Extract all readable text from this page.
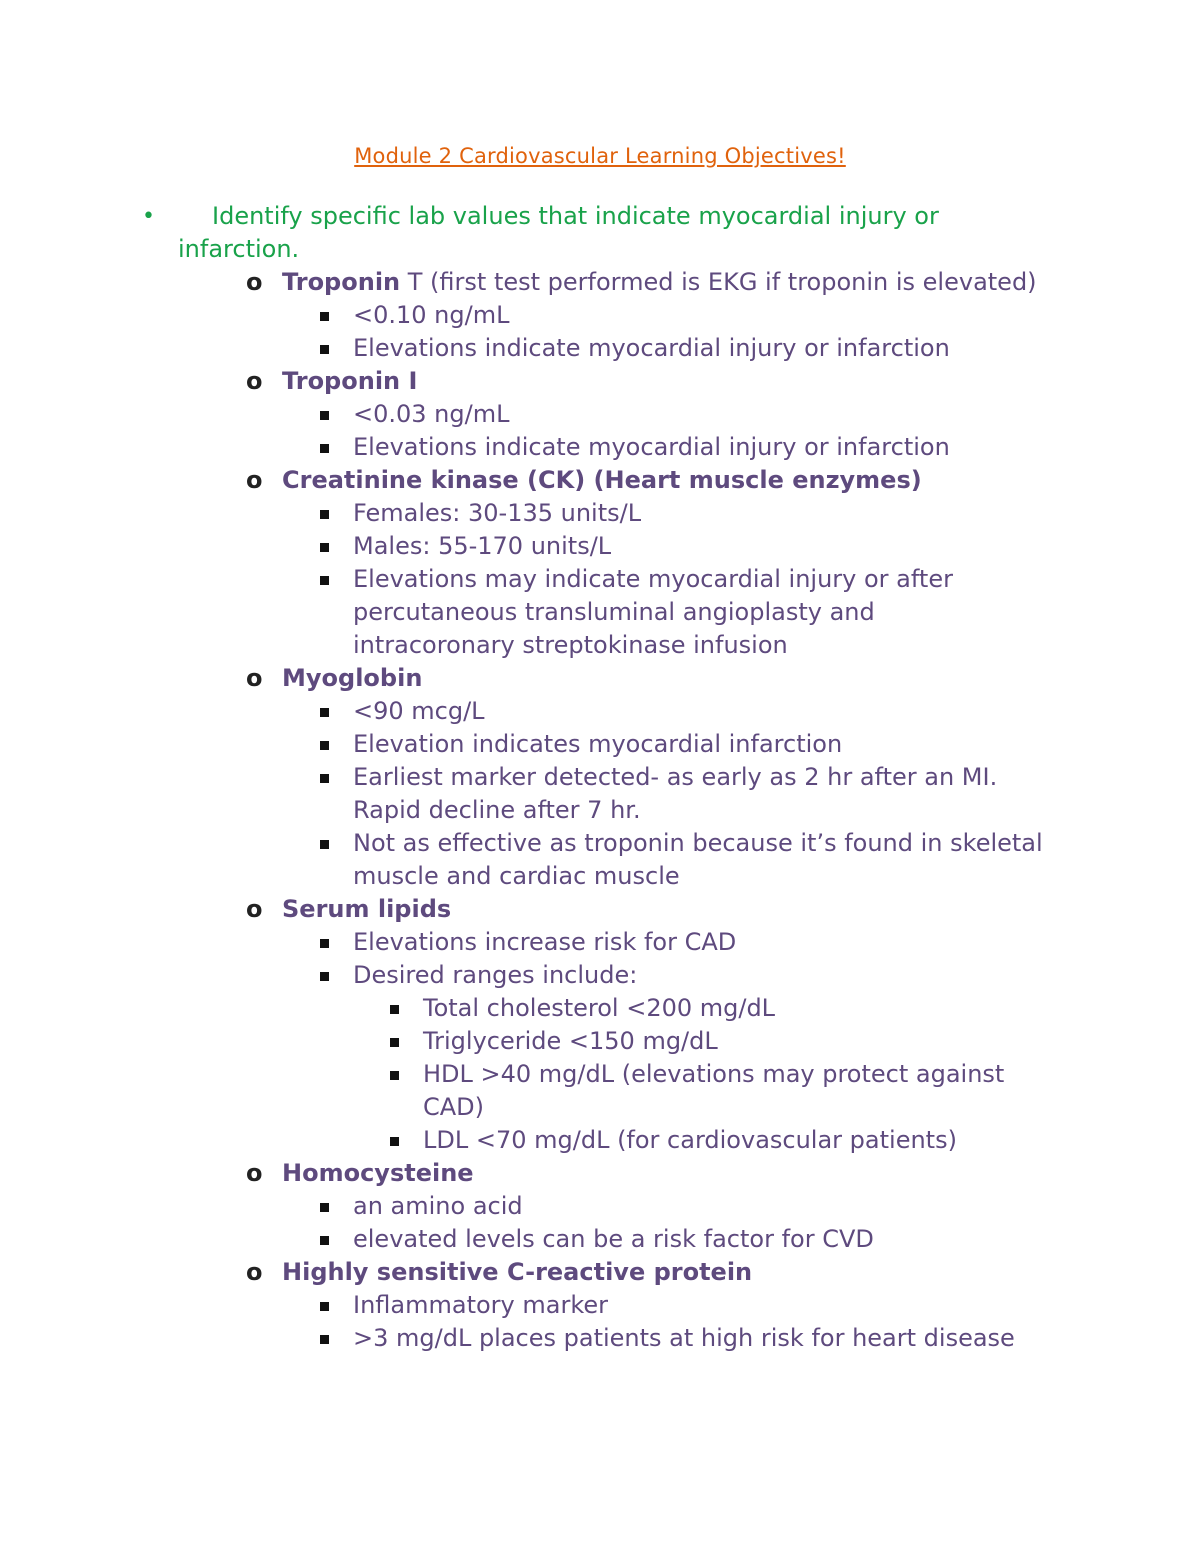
Module 2 Cardiovascular Learning Objectives!
• Identify specific lab values that indicate myocardial injury or infarction.
o Troponin T (first test performed is EKG if troponin is elevated)
<0.10 ng/mL
Elevations indicate myocardial injury or infarction
o Troponin I
<0.03 ng/mL
Elevations indicate myocardial injury or infarction
o Creatinine kinase (CK) (Heart muscle enzymes)
Females: 30-135 units/L
Males: 55-170 units/L
Elevations may indicate myocardial injury or after percutaneous transluminal angioplasty and intracoronary streptokinase infusion
o Myoglobin
<90 mcg/L
Elevation indicates myocardial infarction
Earliest marker detected- as early as 2 hr after an MI. Rapid decline after 7 hr.
Not as effective as troponin because it’s found in skeletal muscle and cardiac muscle
o Serum lipids
Elevations increase risk for CAD
Desired ranges include:
Total cholesterol <200 mg/dL
Triglyceride <150 mg/dL
HDL >40 mg/dL (elevations may protect against CAD)
LDL <70 mg/dL (for cardiovascular patients)
o Homocysteine
an amino acid
elevated levels can be a risk factor for CVD
o Highly sensitive C-reactive protein
Inflammatory marker
>3 mg/dL places patients at high risk for heart disease
